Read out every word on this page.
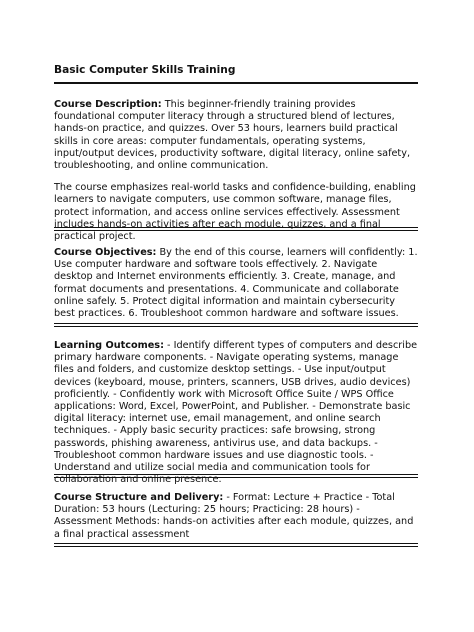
Basic Computer Skills Training

Course Description: This beginner-friendly training provides foundational computer literacy through a structured blend of lectures, hands-on practice, and quizzes. Over 53 hours, learners build practical skills in core areas: computer fundamentals, operating systems, input/output devices, productivity software, digital literacy, online safety, troubleshooting, and online communication.

The course emphasizes real-world tasks and confidence-building, enabling learners to navigate computers, use common software, manage files, protect information, and access online services effectively. Assessment includes hands-on activities after each module, quizzes, and a final practical project.

Course Objectives: By the end of this course, learners will confidently: 1. Use computer hardware and software tools effectively. 2. Navigate desktop and Internet environments efficiently. 3. Create, manage, and format documents and presentations. 4. Communicate and collaborate online safely. 5. Protect digital information and maintain cybersecurity best practices. 6. Troubleshoot common hardware and software issues.

Learning Outcomes: - Identify different types of computers and describe primary hardware components. - Navigate operating systems, manage files and folders, and customize desktop settings. - Use input/output devices (keyboard, mouse, printers, scanners, USB drives, audio devices) proficiently. - Confidently work with Microsoft Office Suite / WPS Office applications: Word, Excel, PowerPoint, and Publisher. - Demonstrate basic digital literacy: internet use, email management, and online search techniques. - Apply basic security practices: safe browsing, strong passwords, phishing awareness, antivirus use, and data backups. - Troubleshoot common hardware issues and use diagnostic tools. - Understand and utilize social media and communication tools for collaboration and online presence.

Course Structure and Delivery: - Format: Lecture + Practice - Total Duration: 53 hours (Lecturing: 25 hours; Practicing: 28 hours) - Assessment Methods: hands-on activities after each module, quizzes, and a final practical assessment
